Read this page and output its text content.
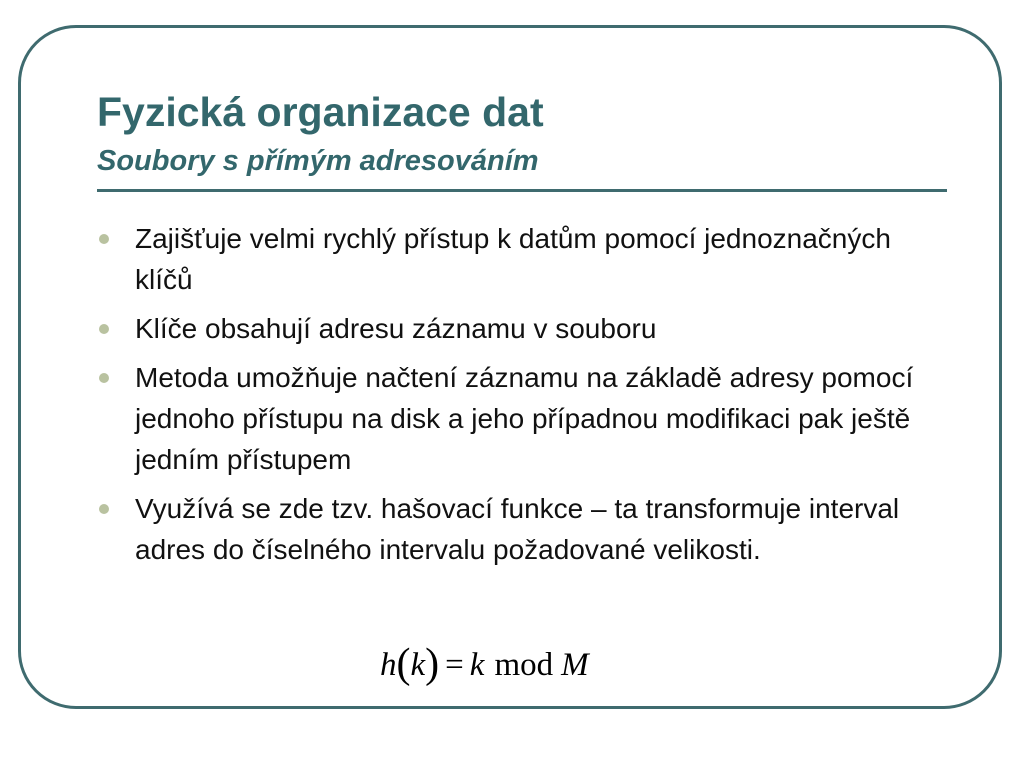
Fyzická organizace dat
Soubory s přímým adresováním
Zajišťuje velmi rychlý přístup k datům pomocí jednoznačných klíčů
Klíče obsahují adresu záznamu v souboru
Metoda umožňuje načtení záznamu na základě adresy pomocí jednoho přístupu na disk a jeho případnou modifikaci pak ještě jedním přístupem
Využívá se zde tzv. hašovací funkce – ta transformuje interval adres do číselného intervalu požadované velikosti.
h(k) = k mod M
